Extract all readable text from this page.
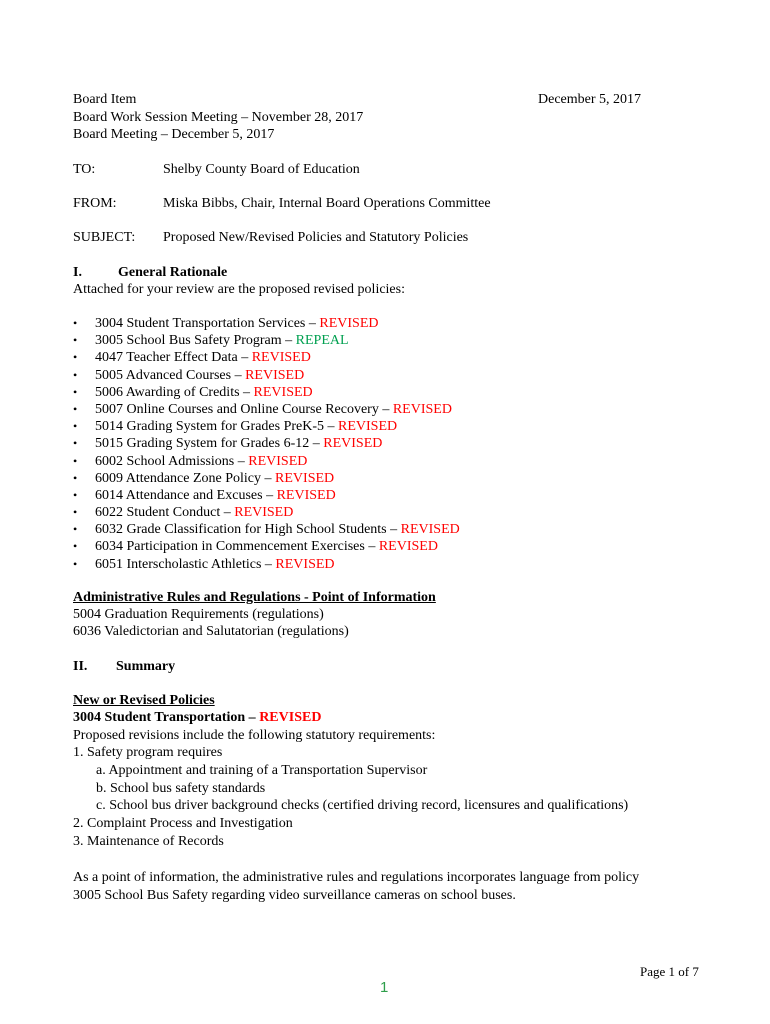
Board Item	December 5, 2017
Board Work Session Meeting – November 28, 2017
Board Meeting – December 5, 2017
TO:	Shelby County Board of Education
FROM:	Miska Bibbs, Chair, Internal Board Operations Committee
SUBJECT: Proposed New/Revised Policies and Statutory Policies
I.	General Rationale
Attached for your review are the proposed revised policies:
• 3004 Student Transportation Services – REVISED
• 3005 School Bus Safety Program – REPEAL
• 4047 Teacher Effect Data – REVISED
• 5005 Advanced Courses – REVISED
• 5006 Awarding of Credits – REVISED
• 5007 Online Courses and Online Course Recovery – REVISED
• 5014 Grading System for Grades PreK-5 – REVISED
• 5015 Grading System for Grades 6-12 – REVISED
• 6002 School Admissions – REVISED
• 6009 Attendance Zone Policy – REVISED
• 6014 Attendance and Excuses – REVISED
• 6022 Student Conduct – REVISED
• 6032 Grade Classification for High School Students – REVISED
• 6034 Participation in Commencement Exercises – REVISED
• 6051 Interscholastic Athletics – REVISED
Administrative Rules and Regulations - Point of Information
5004 Graduation Requirements (regulations)
6036 Valedictorian and Salutatorian (regulations)
II. Summary
New or Revised Policies
3004 Student Transportation – REVISED
Proposed revisions include the following statutory requirements:
1. Safety program requires
a. Appointment and training of a Transportation Supervisor
b. School bus safety standards
c. School bus driver background checks (certified driving record, licensures and qualifications)
2. Complaint Process and Investigation
3. Maintenance of Records
As a point of information, the administrative rules and regulations incorporates language from policy
3005 School Bus Safety regarding video surveillance cameras on school buses.
Page 1 of 7
1
